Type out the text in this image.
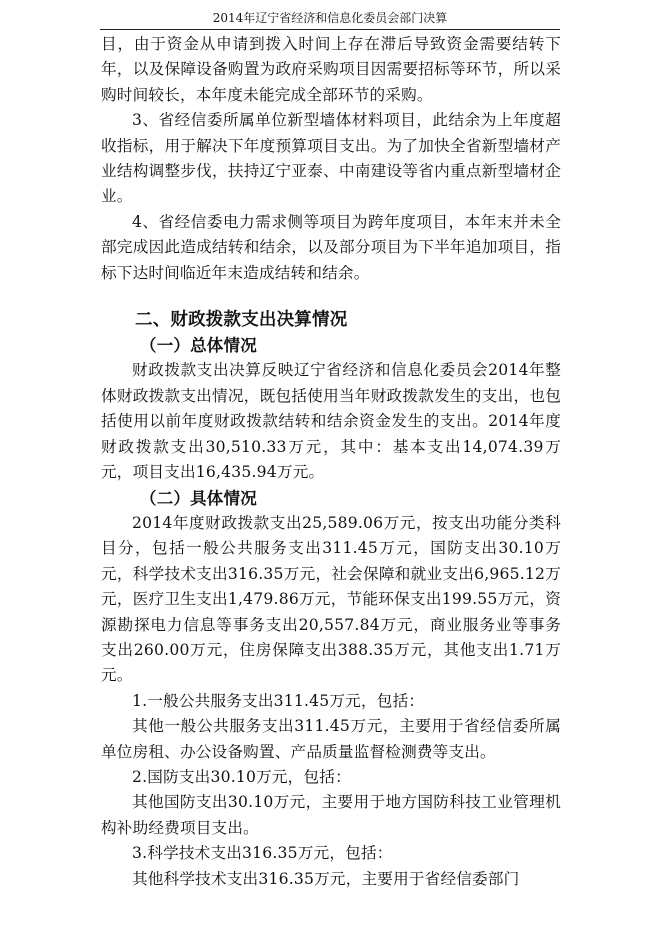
2014年辽宁省经济和信息化委员会部门决算

目，由于资金从申请到拨入时间上存在滞后导致资金需要结转下年，以及保障设备购置为政府采购项目因需要招标等环节，所以采购时间较长，本年度未能完成全部环节的采购。

3、省经信委所属单位新型墙体材料项目，此结余为上年度超收指标，用于解决下年度预算项目支出。为了加快全省新型墙材产业结构调整步伐，扶持辽宁亚泰、中南建设等省内重点新型墙材企业。

4、省经信委电力需求侧等项目为跨年度项目，本年末并未全部完成因此造成结转和结余，以及部分项目为下半年追加项目，指标下达时间临近年末造成结转和结余。

二、财政拨款支出决算情况

（一）总体情况

财政拨款支出决算反映辽宁省经济和信息化委员会2014年整体财政拨款支出情况，既包括使用当年财政拨款发生的支出，也包括使用以前年度财政拨款结转和结余资金发生的支出。2014年度财政拨款支出30,510.33万元，其中：基本支出14,074.39万元，项目支出16,435.94万元。

（二）具体情况

2014年度财政拨款支出25,589.06万元，按支出功能分类科目分，包括一般公共服务支出311.45万元，国防支出30.10万元，科学技术支出316.35万元，社会保障和就业支出6,965.12万元，医疗卫生支出1,479.86万元，节能环保支出199.55万元，资源勘探电力信息等事务支出20,557.84万元，商业服务业等事务支出260.00万元，住房保障支出388.35万元，其他支出1.71万元。

1.一般公共服务支出311.45万元，包括：

其他一般公共服务支出311.45万元，主要用于省经信委所属单位房租、办公设备购置、产品质量监督检测费等支出。

2.国防支出30.10万元，包括：

其他国防支出30.10万元，主要用于地方国防科技工业管理机构补助经费项目支出。

3.科学技术支出316.35万元，包括：

其他科学技术支出316.35万元，主要用于省经信委部门
